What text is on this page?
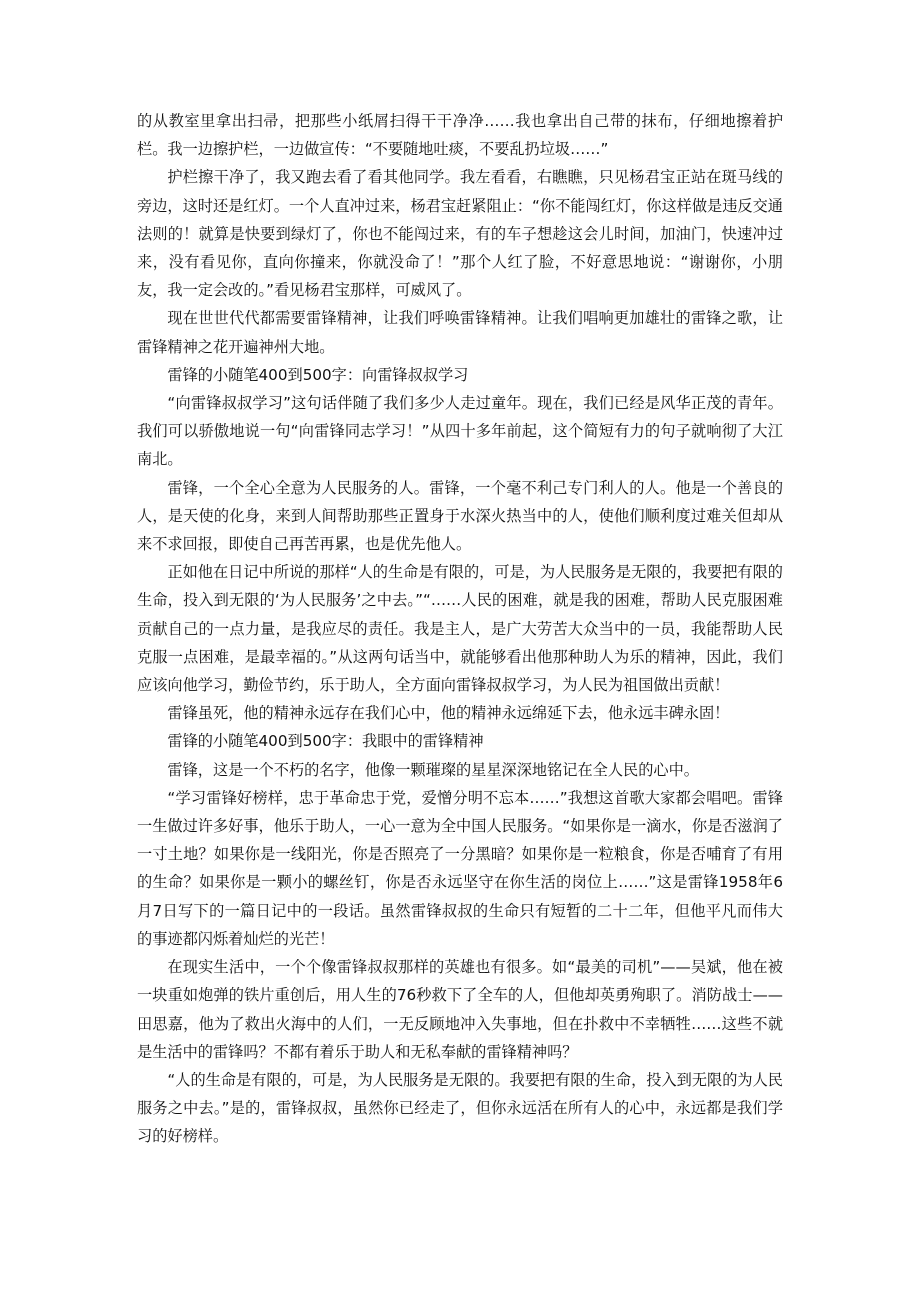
的从教室里拿出扫帚，把那些小纸屑扫得干干净净……我也拿出自己带的抹布，仔细地擦着护栏。我一边擦护栏，一边做宣传：“不要随地吐痰，不要乱扔垃圾……”

护栏擦干净了，我又跑去看了看其他同学。我左看看，右瞧瞧，只见杨君宝正站在斑马线的旁边，这时还是红灯。一个人直冲过来，杨君宝赶紧阻止：“你不能闯红灯，你这样做是违反交通法则的！就算是快要到绿灯了，你也不能闯过来，有的车子想趁这会儿时间，加油门，快速冲过来，没有看见你，直向你撞来，你就没命了！”那个人红了脸，不好意思地说：“谢谢你，小朋友，我一定会改的。”看见杨君宝那样，可威风了。

现在世世代代都需要雷锋精神，让我们呼唤雷锋精神。让我们唱响更加雄壮的雷锋之歌，让雷锋精神之花开遍神州大地。

雷锋的小随笔400到500字：向雷锋叔叔学习

“向雷锋叔叔学习”这句话伴随了我们多少人走过童年。现在，我们已经是风华正茂的青年。我们可以骄傲地说一句“向雷锋同志学习！”从四十多年前起，这个简短有力的句子就响彻了大江南北。

雷锋，一个全心全意为人民服务的人。雷锋，一个毫不利己专门利人的人。他是一个善良的人，是天使的化身，来到人间帮助那些正置身于水深火热当中的人，使他们顺利度过难关但却从来不求回报，即使自己再苦再累，也是优先他人。

正如他在日记中所说的那样“人的生命是有限的，可是，为人民服务是无限的，我要把有限的生命，投入到无限的‘为人民服务’之中去。”“……人民的困难，就是我的困难，帮助人民克服困难贡献自己的一点力量，是我应尽的责任。我是主人，是广大劳苦大众当中的一员，我能帮助人民克服一点困难，是最幸福的。”从这两句话当中，就能够看出他那种助人为乐的精神，因此，我们应该向他学习，勤俭节约，乐于助人，全方面向雷锋叔叔学习，为人民为祖国做出贡献！

雷锋虽死，他的精神永远存在我们心中，他的精神永远绵延下去，他永远丰碑永固！

雷锋的小随笔400到500字：我眼中的雷锋精神

雷锋，这是一个不朽的名字，他像一颗璀璨的星星深深地铭记在全人民的心中。

“学习雷锋好榜样，忠于革命忠于党，爱憎分明不忘本……”我想这首歌大家都会唱吧。雷锋一生做过许多好事，他乐于助人，一心一意为全中国人民服务。“如果你是一滴水，你是否滋润了一寸土地？如果你是一线阳光，你是否照亮了一分黑暗？如果你是一粒粮食，你是否哺育了有用的生命？如果你是一颗小的螺丝钉，你是否永远坚守在你生活的岗位上……”这是雷锋1958年6月7日写下的一篇日记中的一段话。虽然雷锋叔叔的生命只有短暂的二十二年，但他平凡而伟大的事迹都闪烁着灿烂的光芒！

在现实生活中，一个个像雷锋叔叔那样的英雄也有很多。如“最美的司机”——吴斌，他在被一块重如炮弹的铁片重创后，用人生的76秒救下了全车的人，但他却英勇殉职了。消防战士——田思嘉，他为了救出火海中的人们，一无反顾地冲入失事地，但在扑救中不幸牺牲……这些不就是生活中的雷锋吗？不都有着乐于助人和无私奉献的雷锋精神吗？

“人的生命是有限的，可是，为人民服务是无限的。我要把有限的生命，投入到无限的为人民服务之中去。”是的，雷锋叔叔，虽然你已经走了，但你永远活在所有人的心中，永远都是我们学习的好榜样。
